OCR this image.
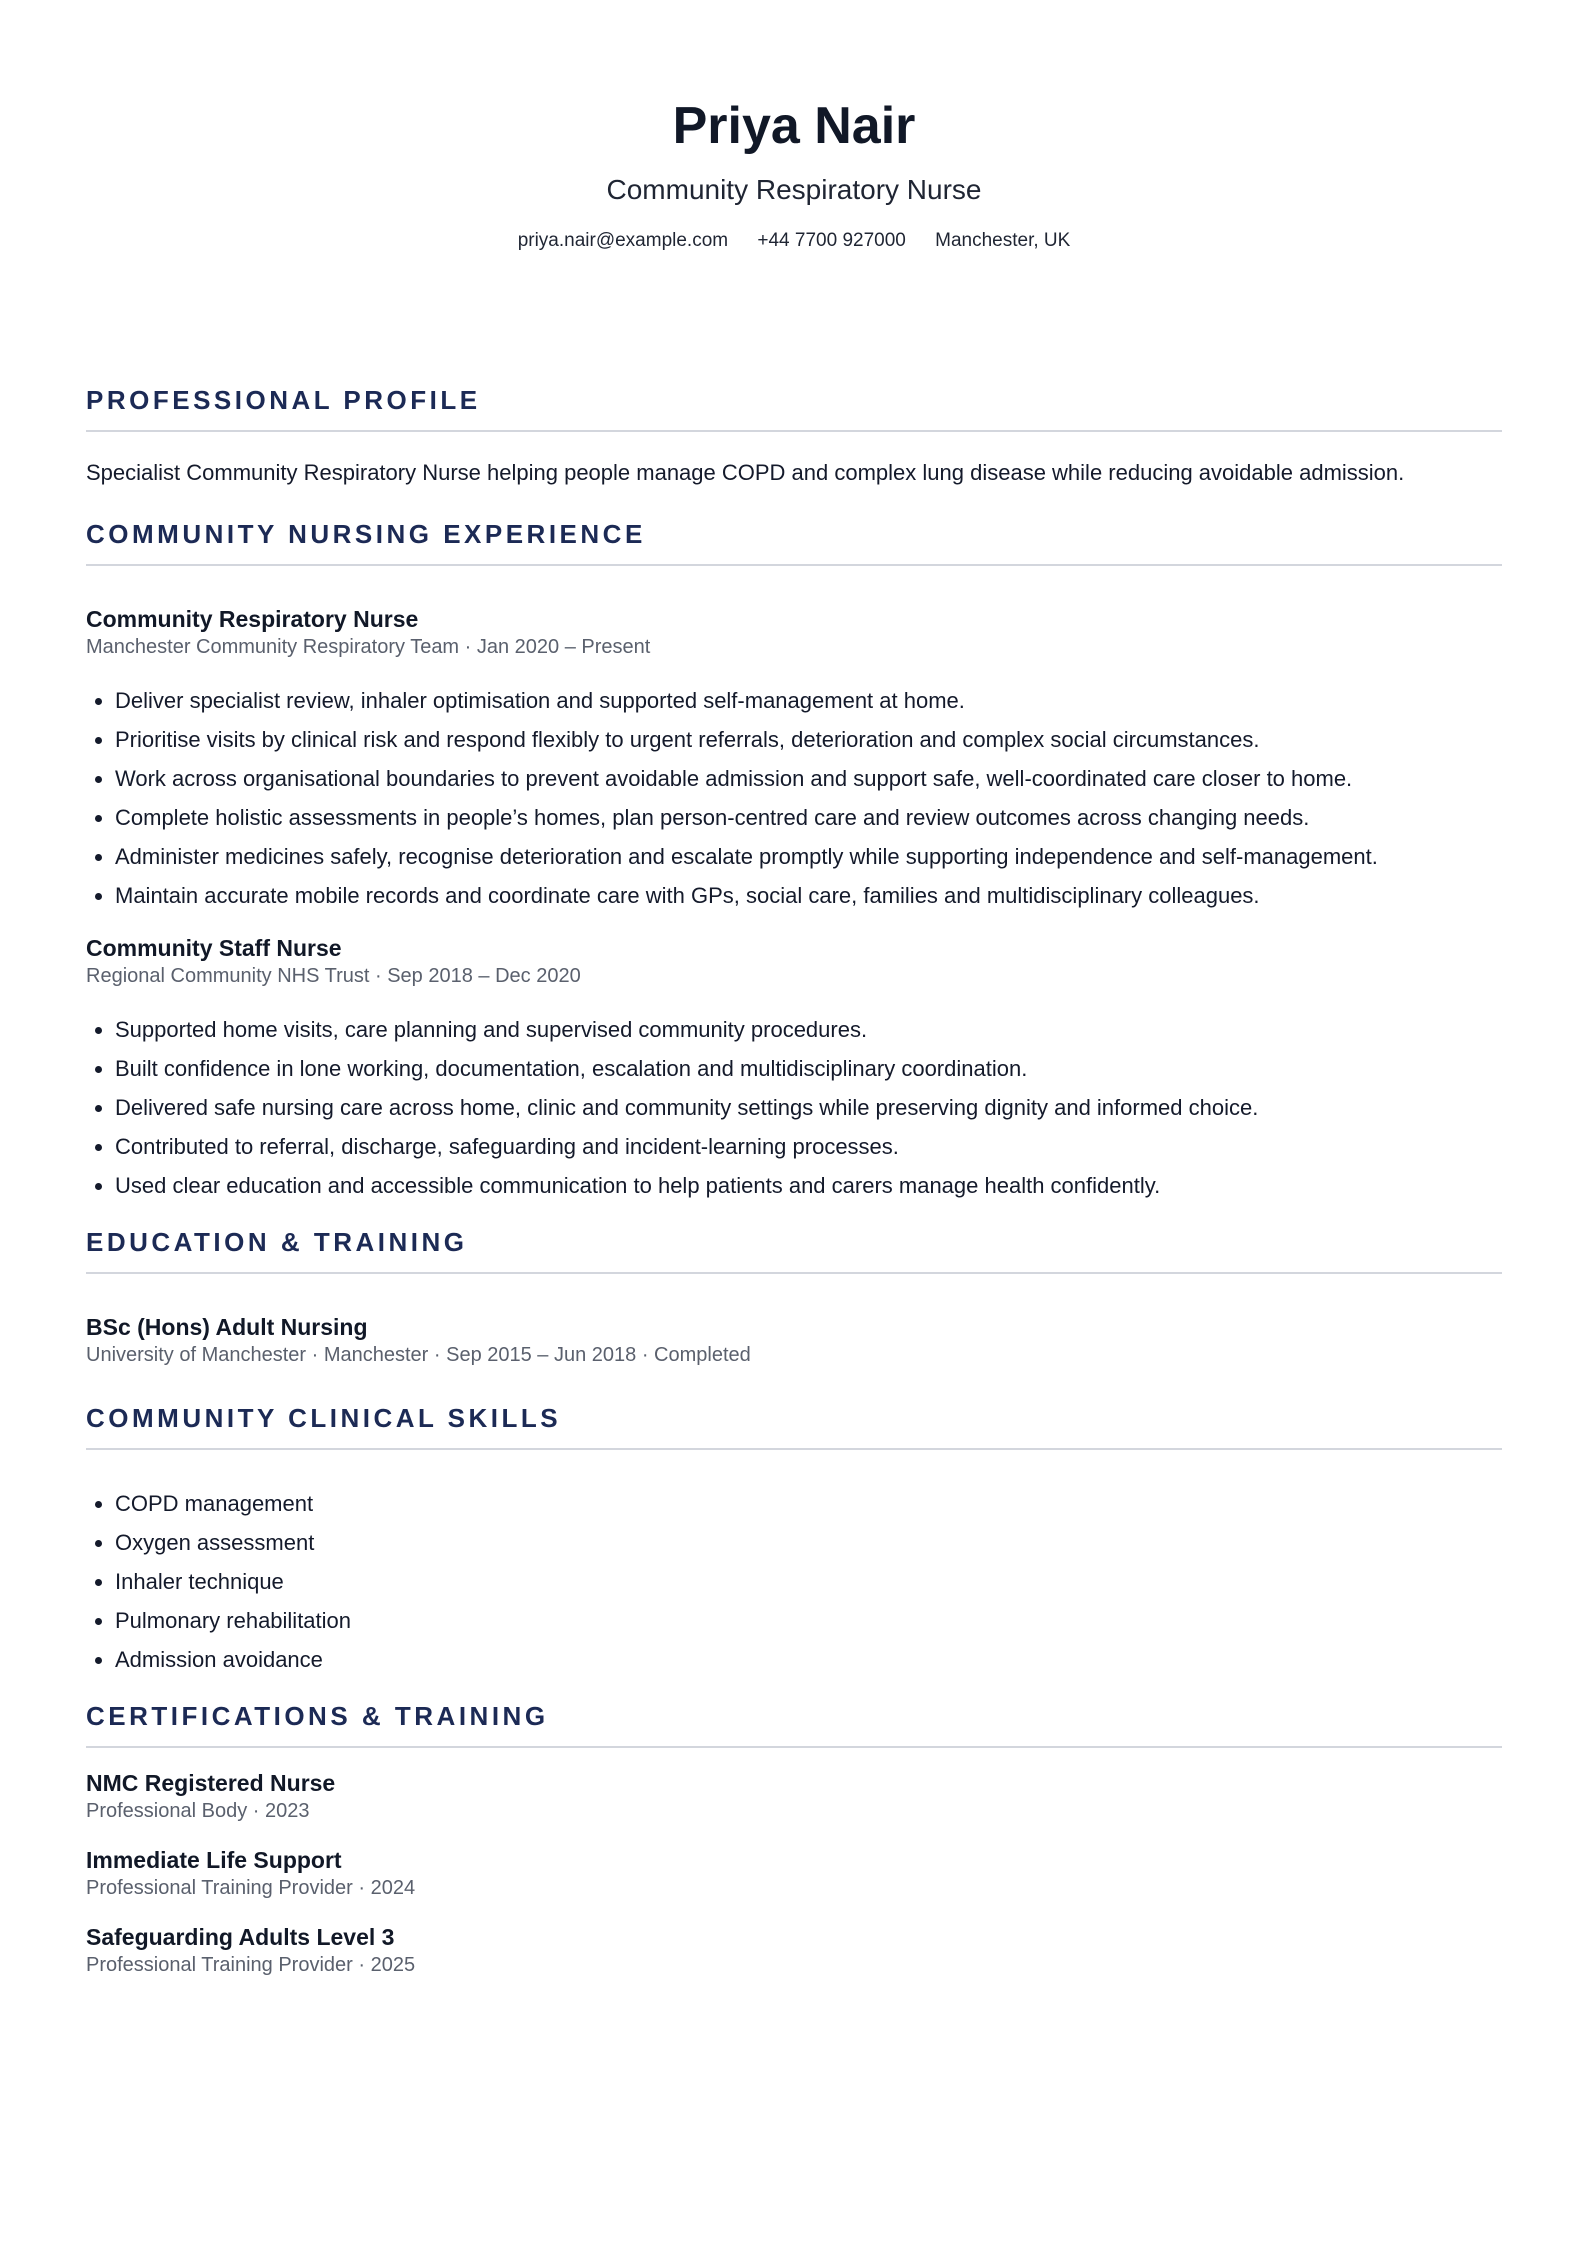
Priya Nair
Community Respiratory Nurse
priya.nair@example.com +44 7700 927000 Manchester, UK
PROFESSIONAL PROFILE
Specialist Community Respiratory Nurse helping people manage COPD and complex lung disease while reducing avoidable admission.
COMMUNITY NURSING EXPERIENCE
Community Respiratory Nurse
Manchester Community Respiratory Team · Jan 2020 – Present
• Deliver specialist review, inhaler optimisation and supported self-management at home.
• Prioritise visits by clinical risk and respond flexibly to urgent referrals, deterioration and complex social circumstances.
• Work across organisational boundaries to prevent avoidable admission and support safe, well-coordinated care closer to home.
• Complete holistic assessments in people’s homes, plan person-centred care and review outcomes across changing needs.
• Administer medicines safely, recognise deterioration and escalate promptly while supporting independence and self-management.
• Maintain accurate mobile records and coordinate care with GPs, social care, families and multidisciplinary colleagues.
Community Staff Nurse
Regional Community NHS Trust · Sep 2018 – Dec 2020
• Supported home visits, care planning and supervised community procedures.
• Built confidence in lone working, documentation, escalation and multidisciplinary coordination.
• Delivered safe nursing care across home, clinic and community settings while preserving dignity and informed choice.
• Contributed to referral, discharge, safeguarding and incident-learning processes.
• Used clear education and accessible communication to help patients and carers manage health confidently.
EDUCATION & TRAINING
BSc (Hons) Adult Nursing
University of Manchester · Manchester · Sep 2015 – Jun 2018 · Completed
COMMUNITY CLINICAL SKILLS
• COPD management
• Oxygen assessment
• Inhaler technique
• Pulmonary rehabilitation
• Admission avoidance
CERTIFICATIONS & TRAINING
NMC Registered Nurse
Professional Body · 2023
Immediate Life Support
Professional Training Provider · 2024
Safeguarding Adults Level 3
Professional Training Provider · 2025
